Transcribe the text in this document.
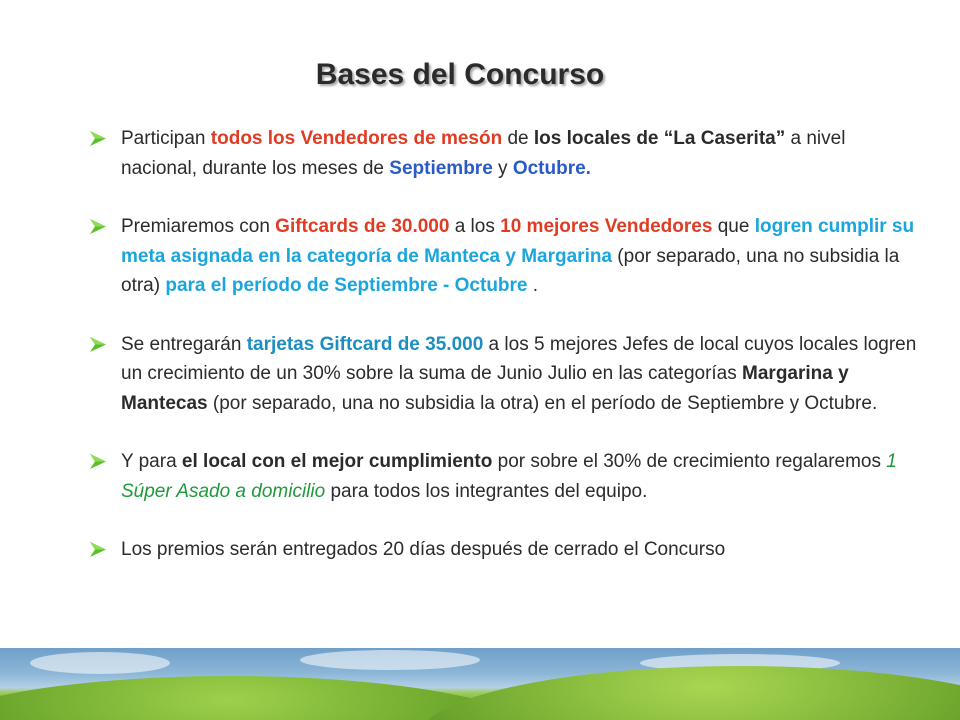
Bases del Concurso
Participan todos los Vendedores de mesón de los locales de “La Caserita” a nivel nacional, durante los meses de Septiembre y Octubre.
Premiaremos con Giftcards de 30.000 a los 10 mejores Vendedores que logren cumplir su meta asignada en la categoría de Manteca y Margarina (por separado, una no subsidia la otra) para el período de Septiembre - Octubre .
Se entregarán tarjetas Giftcard de 35.000 a los 5 mejores Jefes de local cuyos locales logren un crecimiento de un 30% sobre la suma de Junio Julio en las categorías Margarina y Mantecas (por separado, una no subsidia la otra) en el período de Septiembre y Octubre.
Y para el local con el mejor cumplimiento por sobre el 30% de crecimiento regalaremos 1 Súper Asado a domicilio para todos los integrantes del equipo.
Los premios serán entregados 20 días después de cerrado el Concurso
